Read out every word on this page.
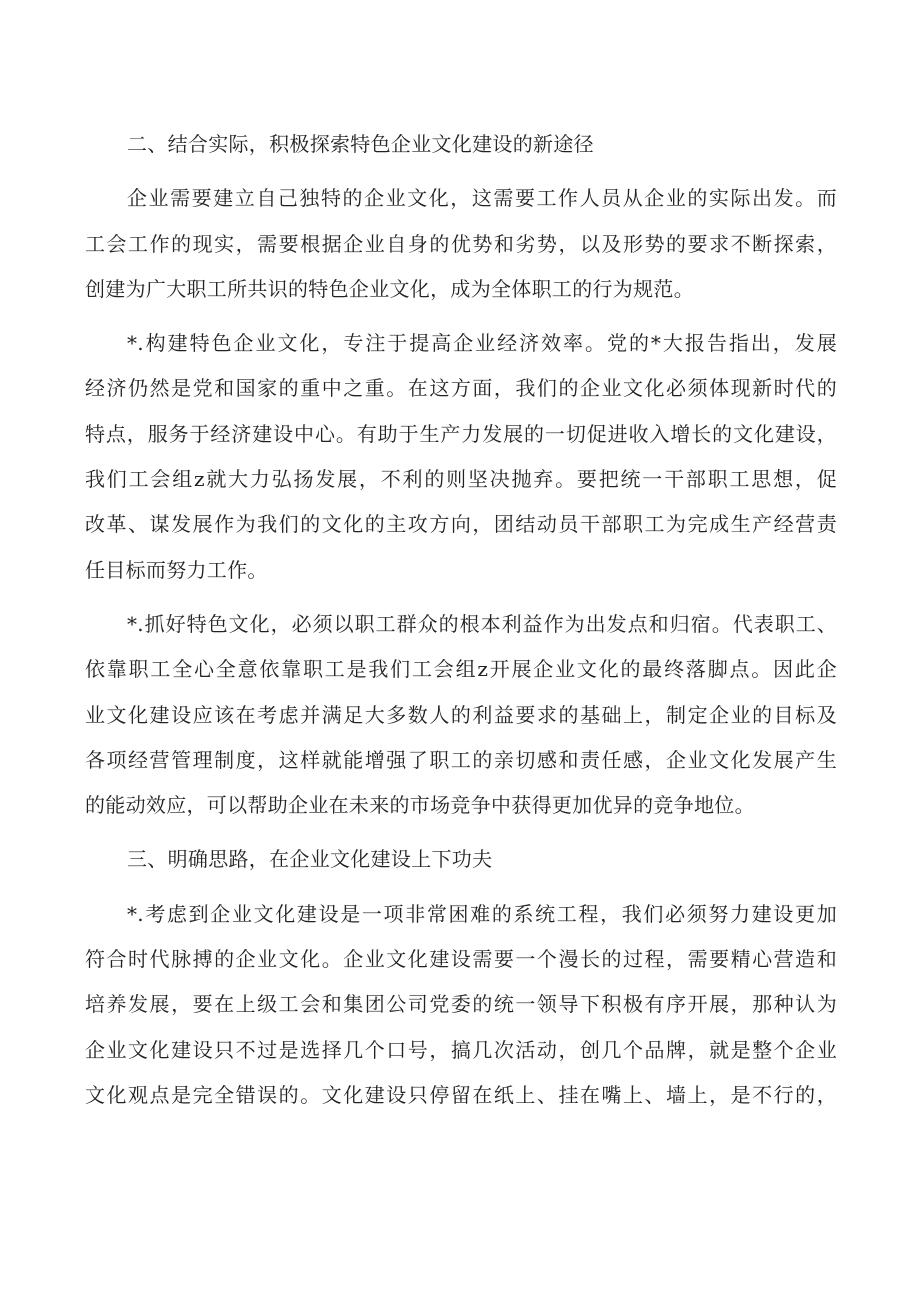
二、结合实际，积极探索特色企业文化建设的新途径
企业需要建立自己独特的企业文化，这需要工作人员从企业的实际出发。而
工会工作的现实，需要根据企业自身的优势和劣势，以及形势的要求不断探索，
创建为广大职工所共识的特色企业文化，成为全体职工的行为规范。
*.构建特色企业文化，专注于提高企业经济效率。党的*大报告指出，发展
经济仍然是党和国家的重中之重。在这方面，我们的企业文化必须体现新时代的
特点，服务于经济建设中心。有助于生产力发展的一切促进收入增长的文化建设，
我们工会组z就大力弘扬发展，不利的则坚决抛弃。要把统一干部职工思想，促
改革、谋发展作为我们的文化的主攻方向，团结动员干部职工为完成生产经营责
任目标而努力工作。
*.抓好特色文化，必须以职工群众的根本利益作为出发点和归宿。代表职工、
依靠职工全心全意依靠职工是我们工会组z开展企业文化的最终落脚点。因此企
业文化建设应该在考虑并满足大多数人的利益要求的基础上，制定企业的目标及
各项经营管理制度，这样就能增强了职工的亲切感和责任感，企业文化发展产生
的能动效应，可以帮助企业在未来的市场竞争中获得更加优异的竞争地位。
三、明确思路，在企业文化建设上下功夫
*.考虑到企业文化建设是一项非常困难的系统工程，我们必须努力建设更加
符合时代脉搏的企业文化。企业文化建设需要一个漫长的过程，需要精心营造和
培养发展，要在上级工会和集团公司党委的统一领导下积极有序开展，那种认为
企业文化建设只不过是选择几个口号，搞几次活动，创几个品牌，就是整个企业
文化观点是完全错误的。文化建设只停留在纸上、挂在嘴上、墙上，是不行的，
